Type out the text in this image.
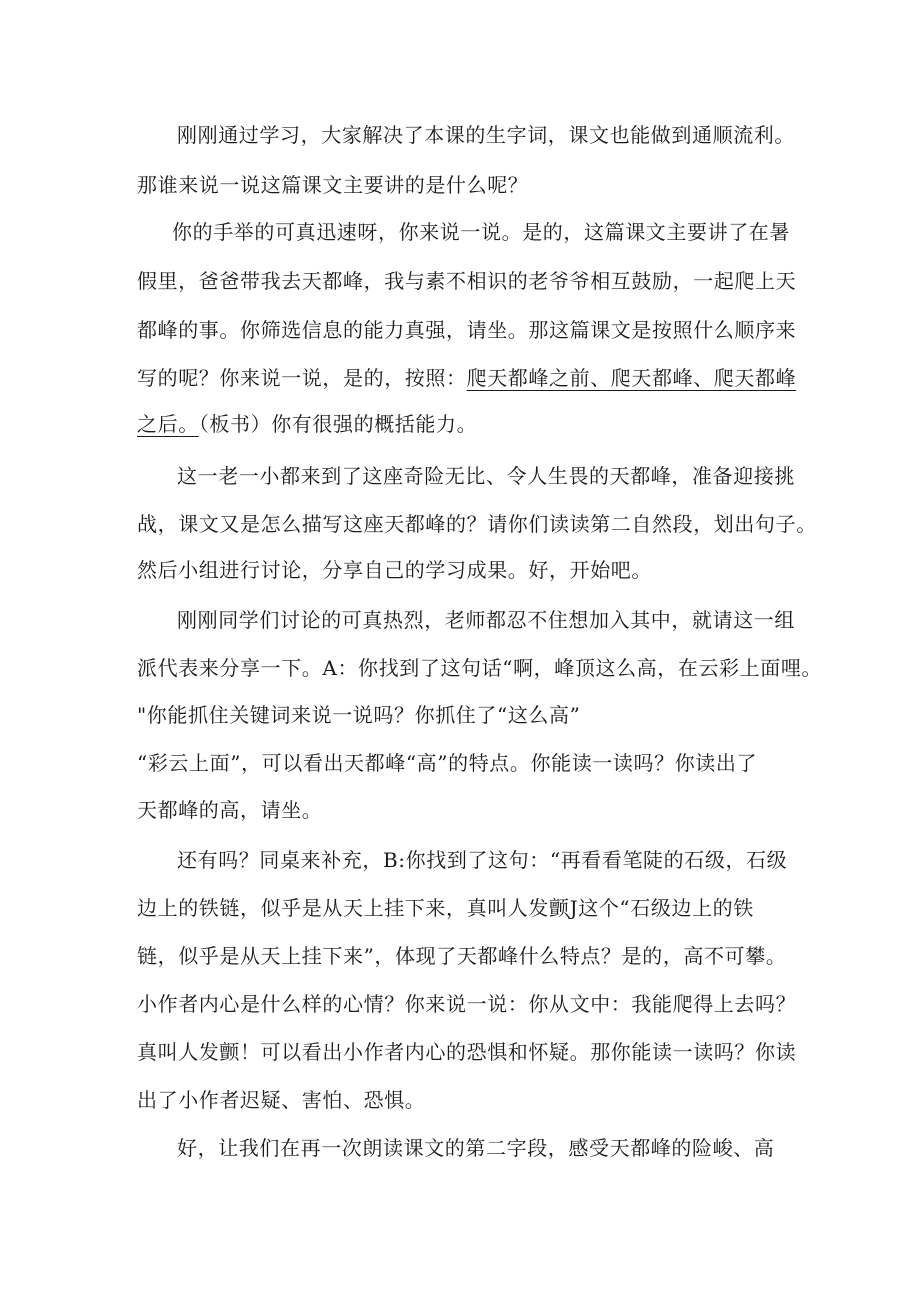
刚刚通过学习，大家解决了本课的生字词，课文也能做到通顺流利。
那谁来说一说这篇课文主要讲的是什么呢？
你的手举的可真迅速呀，你来说一说。是的，这篇课文主要讲了在暑
假里，爸爸带我去天都峰，我与素不相识的老爷爷相互鼓励，一起爬上天
都峰的事。你筛选信息的能力真强，请坐。那这篇课文是按照什么顺序来
写的呢？你来说一说，是的，按照：爬天都峰之前、爬天都峰、爬天都峰
之后。（板书）你有很强的概括能力。
这一老一小都来到了这座奇险无比、令人生畏的天都峰，准备迎接挑
战，课文又是怎么描写这座天都峰的？请你们读读第二自然段，划出句子。
然后小组进行讨论，分享自己的学习成果。好，开始吧。
刚刚同学们讨论的可真热烈，老师都忍不住想加入其中，就请这一组
派代表来分享一下。A：你找到了这句话“啊，峰顶这么高，在云彩上面哩。
"你能抓住关键词来说一说吗？你抓住了“这么高”
“彩云上面”，可以看出天都峰“高”的特点。你能读一读吗？你读出了
天都峰的高，请坐。
还有吗？同桌来补充，B:你找到了这句：“再看看笔陡的石级，石级
边上的铁链，似乎是从天上挂下来，真叫人发颤J这个“石级边上的铁
链，似乎是从天上挂下来”，体现了天都峰什么特点？是的，高不可攀。
小作者内心是什么样的心情？你来说一说：你从文中：我能爬得上去吗？
真叫人发颤！可以看出小作者内心的恐惧和怀疑。那你能读一读吗？你读
出了小作者迟疑、害怕、恐惧。
好，让我们在再一次朗读课文的第二字段，感受天都峰的险峻、高
